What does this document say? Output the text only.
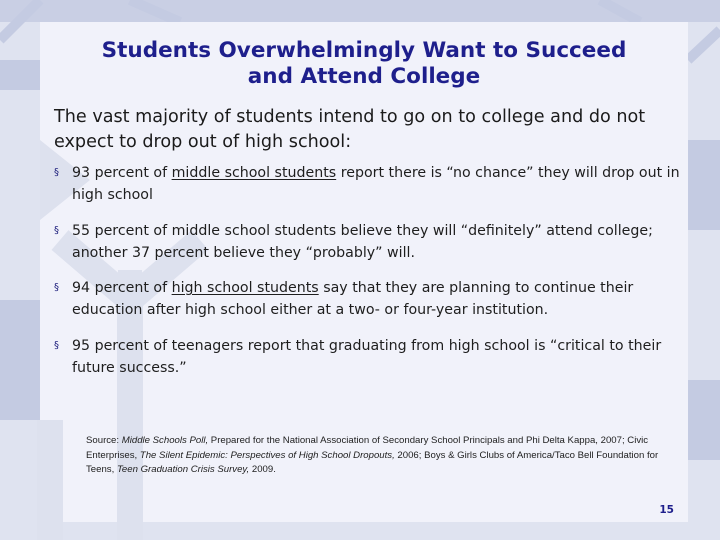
Students Overwhelmingly Want to Succeed
and Attend College

The vast majority of students intend to go on to college and do not expect to drop out of high school:

§ 93 percent of middle school students report there is “no chance” they will drop out in high school
§ 55 percent of middle school students believe they will “definitely” attend college; another 37 percent believe they “probably” will.
§ 94 percent of high school students say that they are planning to continue their education after high school either at a two- or four-year institution.
§ 95 percent of teenagers report that graduating from high school is “critical to their future success.”

Source: Middle Schools Poll, Prepared for the National Association of Secondary School Principals and Phi Delta Kappa, 2007; Civic Enterprises, The Silent Epidemic: Perspectives of High School Dropouts, 2006; Boys & Girls Clubs of America/Taco Bell Foundation for Teens, Teen Graduation Crisis Survey, 2009.

15
